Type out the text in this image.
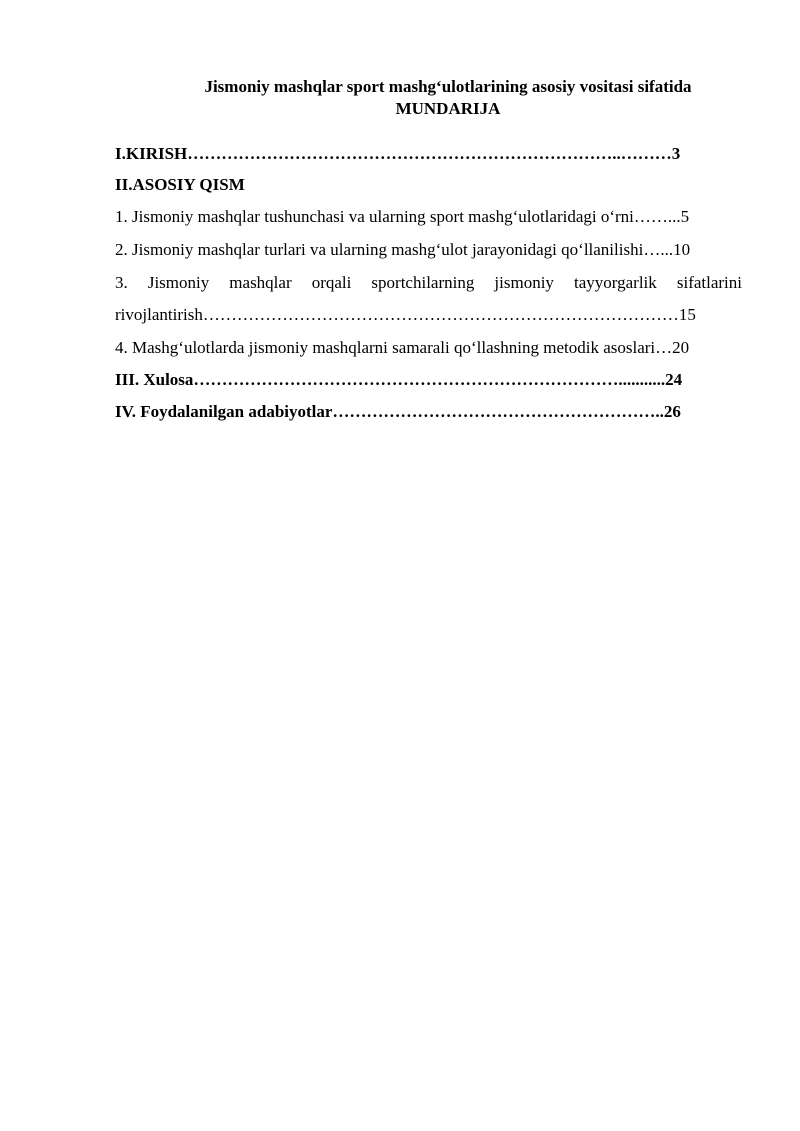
Jismoniy mashqlar sport mashg‘ulotlarining asosiy vositasi sifatida
MUNDARIJA
I.KIRISH…………………………………………………………………..………3
II.ASOSIY QISM
1. Jismoniy mashqlar tushunchasi va ularning sport mashg‘ulotlaridagi o‘rni……...5
2. Jismoniy mashqlar turlari va ularning mashg‘ulot jarayonidagi qo‘llanilishi…...10
3. Jismoniy mashqlar orqali sportchilarning jismoniy tayyorgarlik sifatlarini
rivojlantirish…………………………………………………………………………15
4. Mashg‘ulotlarda jismoniy mashqlarni samarali qo‘llashning metodik asoslari…20
III. Xulosa…………………………………………………………………...........24
IV. Foydalanilgan adabiyotlar…………………………………………………..26
